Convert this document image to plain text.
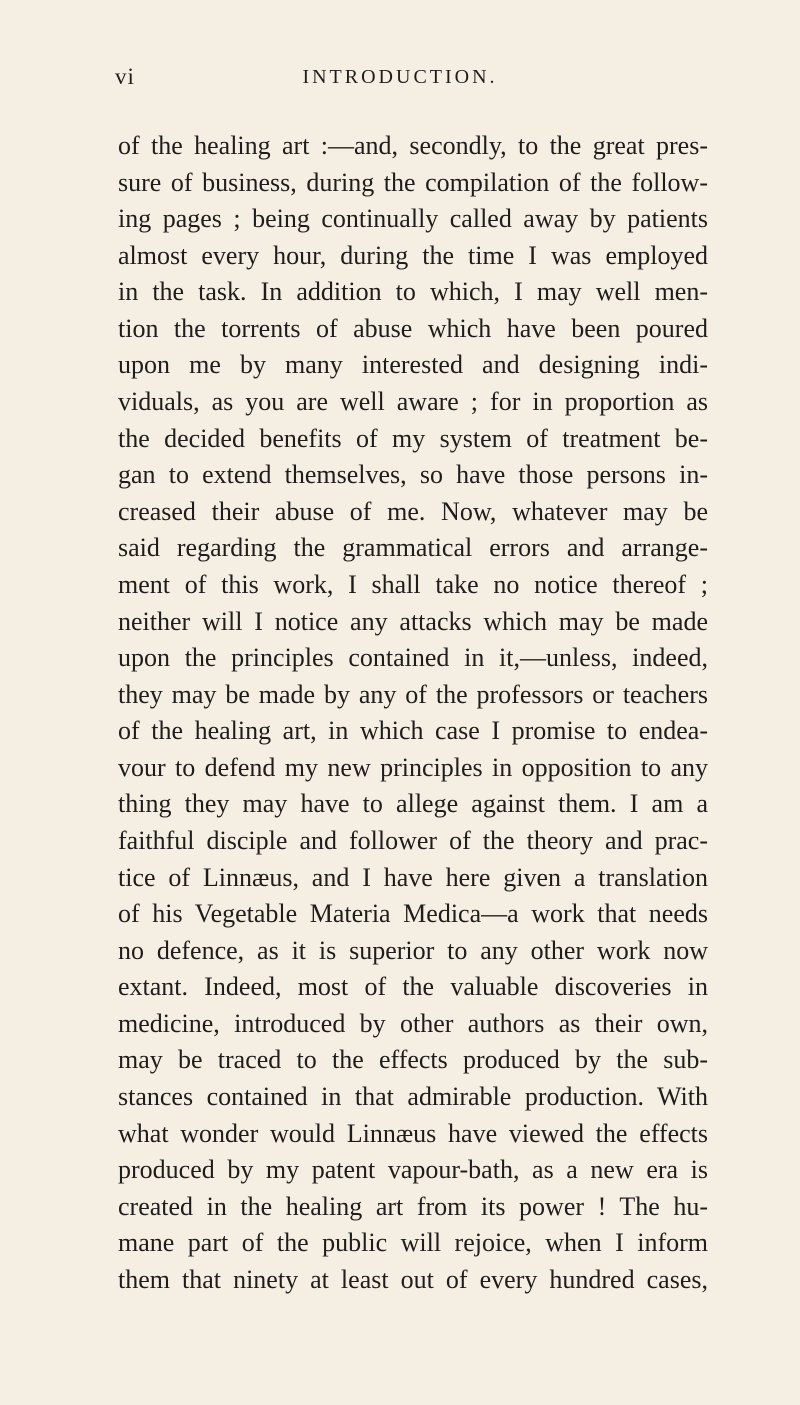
vi	INTRODUCTION.
of the healing art :—and, secondly, to the great pres-
sure of business, during the compilation of the follow-
ing pages ; being continually called away by patients
almost every hour, during the time I was employed
in the task. In addition to which, I may well men-
tion the torrents of abuse which have been poured
upon me by many interested and designing indi-
viduals, as you are well aware ; for in proportion as
the decided benefits of my system of treatment be-
gan to extend themselves, so have those persons in-
creased their abuse of me. Now, whatever may be
said regarding the grammatical errors and arrange-
ment of this work, I shall take no notice thereof ;
neither will I notice any attacks which may be made
upon the principles contained in it,—unless, indeed,
they may be made by any of the professors or teachers
of the healing art, in which case I promise to endea-
vour to defend my new principles in opposition to any
thing they may have to allege against them. I am a
faithful disciple and follower of the theory and prac-
tice of Linnæus, and I have here given a translation
of his Vegetable Materia Medica—a work that needs
no defence, as it is superior to any other work now
extant. Indeed, most of the valuable discoveries in
medicine, introduced by other authors as their own,
may be traced to the effects produced by the sub-
stances contained in that admirable production. With
what wonder would Linnæus have viewed the effects
produced by my patent vapour-bath, as a new era is
created in the healing art from its power ! The hu-
mane part of the public will rejoice, when I inform
them that ninety at least out of every hundred cases,
